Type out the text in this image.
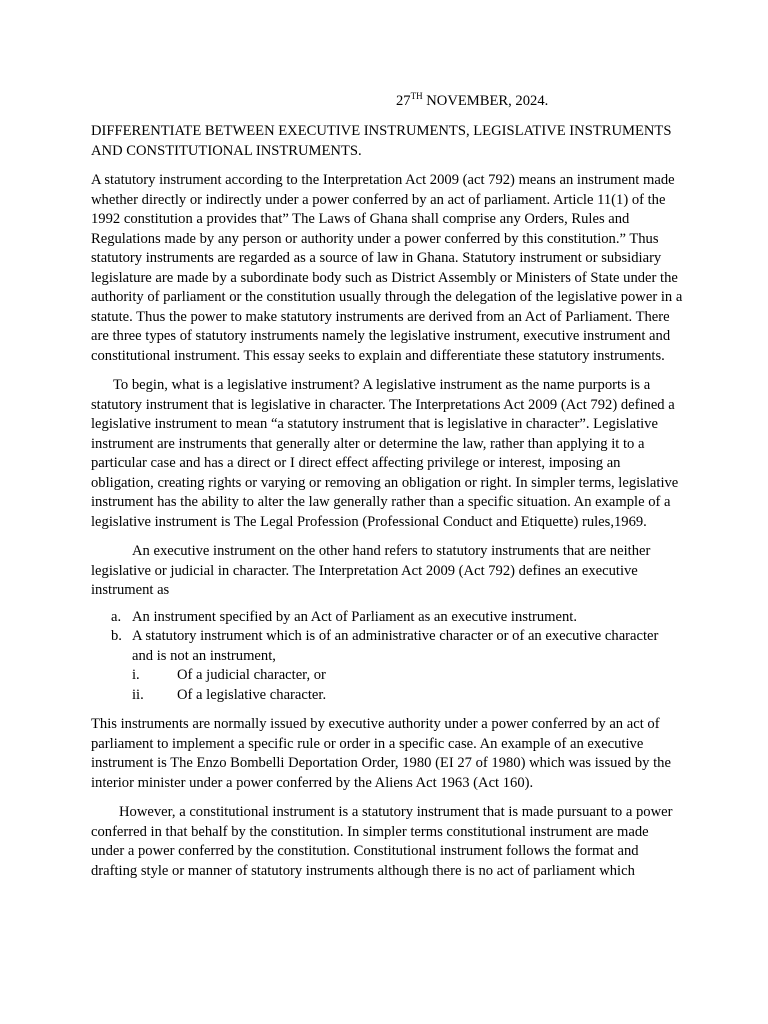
27TH NOVEMBER, 2024.

DIFFERENTIATE BETWEEN EXECUTIVE INSTRUMENTS, LEGISLATIVE INSTRUMENTS AND CONSTITUTIONAL INSTRUMENTS.

A statutory instrument according to the Interpretation Act 2009 (act 792) means an instrument made whether directly or indirectly under a power conferred by an act of parliament. Article 11(1) of the 1992 constitution a provides that” The Laws of Ghana shall comprise any Orders, Rules and Regulations made by any person or authority under a power conferred by this constitution.” Thus statutory instruments are regarded as a source of law in Ghana. Statutory instrument or subsidiary legislature are made by a subordinate body such as District Assembly or Ministers of State under the authority of parliament or the constitution usually through the delegation of the legislative power in a statute. Thus the power to make statutory instruments are derived from an Act of Parliament. There are three types of statutory instruments namely the legislative instrument, executive instrument and constitutional instrument. This essay seeks to explain and differentiate these statutory instruments.

To begin, what is a legislative instrument? A legislative instrument as the name purports is a statutory instrument that is legislative in character. The Interpretations Act 2009 (Act 792) defined a legislative instrument to mean “a statutory instrument that is legislative in character”. Legislative instrument are instruments that generally alter or determine the law, rather than applying it to a particular case and has a direct or I direct effect affecting privilege or interest, imposing an obligation, creating rights or varying or removing an obligation or right. In simpler terms, legislative instrument has the ability to alter the law generally rather than a specific situation. An example of a legislative instrument is The Legal Profession (Professional Conduct and Etiquette) rules,1969.

An executive instrument on the other hand refers to statutory instruments that are neither legislative or judicial in character. The Interpretation Act 2009 (Act 792) defines an executive instrument as

a. An instrument specified by an Act of Parliament as an executive instrument.
b. A statutory instrument which is of an administrative character or of an executive character and is not an instrument,
i.	Of a judicial character, or
ii. Of a legislative character.

This instruments are normally issued by executive authority under a power conferred by an act of parliament to implement a specific rule or order in a specific case. An example of an executive instrument is The Enzo Bombelli Deportation Order, 1980 (EI 27 of 1980) which was issued by the interior minister under a power conferred by the Aliens Act 1963 (Act 160).

However, a constitutional instrument is a statutory instrument that is made pursuant to a power conferred in that behalf by the constitution. In simpler terms constitutional instrument are made under a power conferred by the constitution. Constitutional instrument follows the format and drafting style or manner of statutory instruments although there is no act of parliament which
